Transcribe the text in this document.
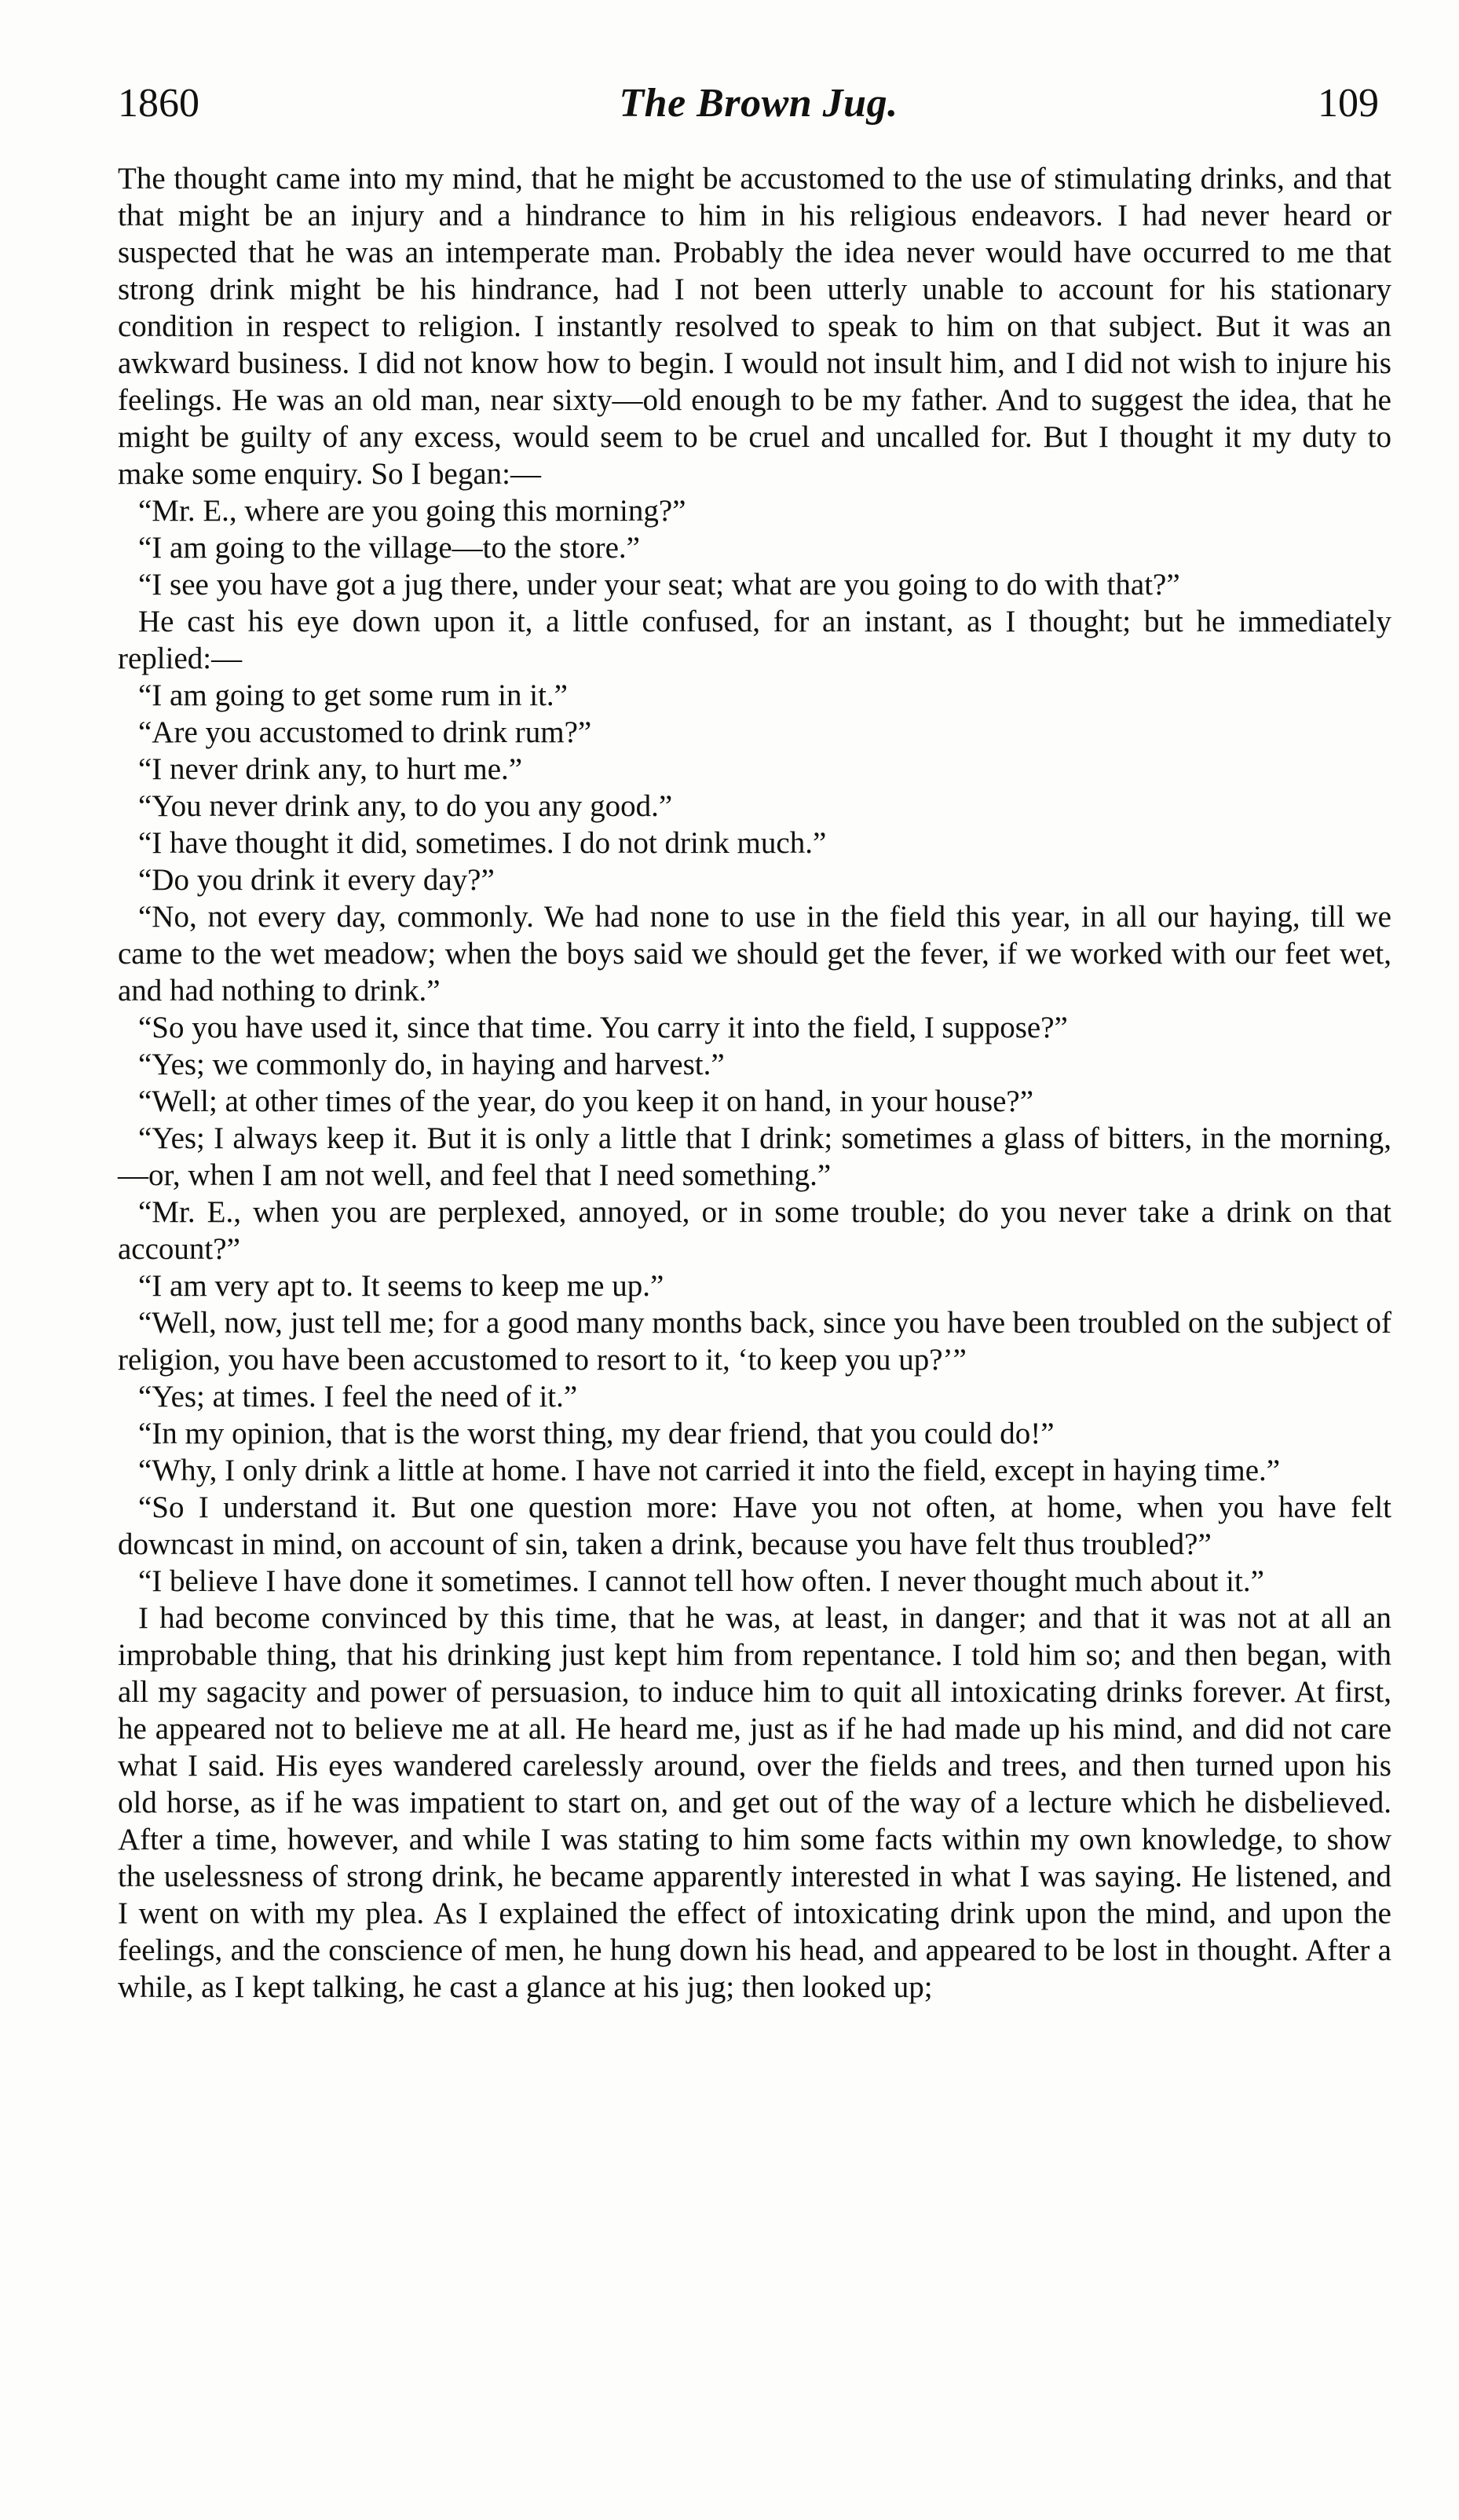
1860	The Brown Jug.	109

The thought came into my mind, that he might be accustomed to the use of stimulating drinks, and that that might be an injury and a hindrance to him in his religious endeavors. I had never heard or suspected that he was an intemperate man. Probably the idea never would have occurred to me that strong drink might be his hindrance, had I not been utterly unable to account for his stationary condition in respect to religion. I instantly resolved to speak to him on that subject. But it was an awkward business. I did not know how to begin. I would not insult him, and I did not wish to injure his feelings. He was an old man, near sixty—old enough to be my father. And to suggest the idea, that he might be guilty of any excess, would seem to be cruel and uncalled for. But I thought it my duty to make some enquiry. So I began:—

“Mr. E., where are you going this morning?”

“I am going to the village—to the store.”

“I see you have got a jug there, under your seat; what are you going to do with that?”

He cast his eye down upon it, a little confused, for an instant, as I thought; but he immediately replied:—

“I am going to get some rum in it.”

“Are you accustomed to drink rum?”

“I never drink any, to hurt me.”

“You never drink any, to do you any good.”

“I have thought it did, sometimes. I do not drink much.”

“Do you drink it every day?”

“No, not every day, commonly. We had none to use in the field this year, in all our haying, till we came to the wet meadow; when the boys said we should get the fever, if we worked with our feet wet, and had nothing to drink.”

“So you have used it, since that time. You carry it into the field, I suppose?”

“Yes; we commonly do, in haying and harvest.”

“Well; at other times of the year, do you keep it on hand, in your house?”

“Yes; I always keep it. But it is only a little that I drink; sometimes a glass of bitters, in the morning,—or, when I am not well, and feel that I need something.”

“Mr. E., when you are perplexed, annoyed, or in some trouble; do you never take a drink on that account?”

“I am very apt to. It seems to keep me up.”

“Well, now, just tell me; for a good many months back, since you have been troubled on the subject of religion, you have been accustomed to resort to it, ‘to keep you up?’”

“Yes; at times. I feel the need of it.”

“In my opinion, that is the worst thing, my dear friend, that you could do!”

“Why, I only drink a little at home. I have not carried it into the field, except in haying time.”

“So I understand it. But one question more: Have you not often, at home, when you have felt downcast in mind, on account of sin, taken a drink, because you have felt thus troubled?”

“I believe I have done it sometimes. I cannot tell how often. I never thought much about it.”

I had become convinced by this time, that he was, at least, in danger; and that it was not at all an improbable thing, that his drinking just kept him from repentance. I told him so; and then began, with all my sagacity and power of persuasion, to induce him to quit all intoxicating drinks forever. At first, he appeared not to believe me at all. He heard me, just as if he had made up his mind, and did not care what I said. His eyes wandered carelessly around, over the fields and trees, and then turned upon his old horse, as if he was impatient to start on, and get out of the way of a lecture which he disbelieved. After a time, however, and while I was stating to him some facts within my own knowledge, to show the uselessness of strong drink, he became apparently interested in what I was saying. He listened, and I went on with my plea. As I explained the effect of intoxicating drink upon the mind, and upon the feelings, and the conscience of men, he hung down his head, and appeared to be lost in thought. After a while, as I kept talking, he cast a glance at his jug; then looked up;
